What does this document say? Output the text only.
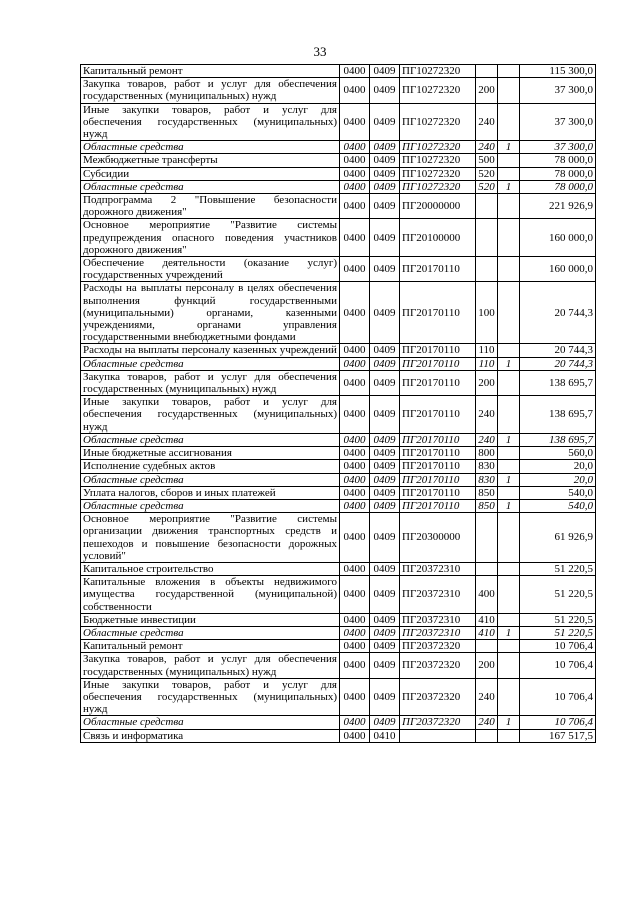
33
Капитальный ремонт	0400	0409	ПГ10272320			115 300,0
Закупка товаров, работ и услуг для обеспечения государственных (муниципальных) нужд	0400	0409	ПГ10272320	200		37 300,0
Иные закупки товаров, работ и услуг для обеспечения государственных (муниципальных) нужд	0400	0409	ПГ10272320	240		37 300,0
Областные средства	0400	0409	ПГ10272320	240	1	37 300,0
Межбюджетные трансферты	0400	0409	ПГ10272320	500		78 000,0
Субсидии	0400	0409	ПГ10272320	520		78 000,0
Областные средства	0400	0409	ПГ10272320	520	1	78 000,0
Подпрограмма 2 "Повышение безопасности дорожного движения"	0400	0409	ПГ20000000			221 926,9
Основное мероприятие "Развитие системы предупреждения опасного поведения участников дорожного движения"	0400	0409	ПГ20100000			160 000,0
Обеспечение деятельности (оказание услуг) государственных учреждений	0400	0409	ПГ20170110			160 000,0
Расходы на выплаты персоналу в целях обеспечения выполнения функций государственными (муниципальными) органами, казенными учреждениями, органами управления государственными внебюджетными фондами	0400	0409	ПГ20170110	100		20 744,3
Расходы на выплаты персоналу казенных учреждений	0400	0409	ПГ20170110	110		20 744,3
Областные средства	0400	0409	ПГ20170110	110	1	20 744,3
Закупка товаров, работ и услуг для обеспечения государственных (муниципальных) нужд	0400	0409	ПГ20170110	200		138 695,7
Иные закупки товаров, работ и услуг для обеспечения государственных (муниципальных) нужд	0400	0409	ПГ20170110	240		138 695,7
Областные средства	0400	0409	ПГ20170110	240	1	138 695,7
Иные бюджетные ассигнования	0400	0409	ПГ20170110	800		560,0
Исполнение судебных актов	0400	0409	ПГ20170110	830		20,0
Областные средства	0400	0409	ПГ20170110	830	1	20,0
Уплата налогов, сборов и иных платежей	0400	0409	ПГ20170110	850		540,0
Областные средства	0400	0409	ПГ20170110	850	1	540,0
Основное мероприятие "Развитие системы организации движения транспортных средств и пешеходов и повышение безопасности дорожных условий"	0400	0409	ПГ20300000			61 926,9
Капитальное строительство	0400	0409	ПГ20372310			51 220,5
Капитальные вложения в объекты недвижимого имущества государственной (муниципальной) собственности	0400	0409	ПГ20372310	400		51 220,5
Бюджетные инвестиции	0400	0409	ПГ20372310	410		51 220,5
Областные средства	0400	0409	ПГ20372310	410	1	51 220,5
Капитальный ремонт	0400	0409	ПГ20372320			10 706,4
Закупка товаров, работ и услуг для обеспечения государственных (муниципальных) нужд	0400	0409	ПГ20372320	200		10 706,4
Иные закупки товаров, работ и услуг для обеспечения государственных (муниципальных) нужд	0400	0409	ПГ20372320	240		10 706,4
Областные средства	0400	0409	ПГ20372320	240	1	10 706,4
Связь и информатика	0400	0410				167 517,5
